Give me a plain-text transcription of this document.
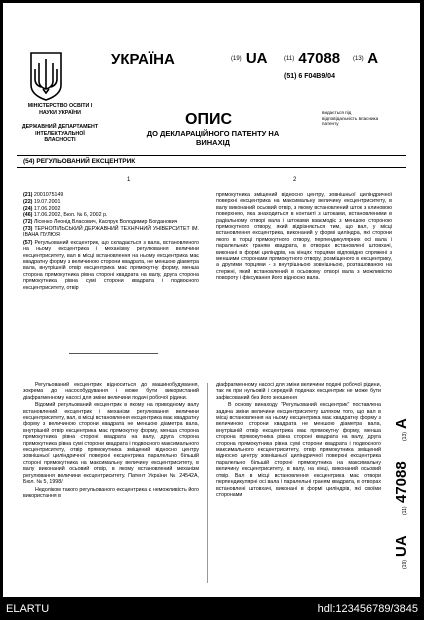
УКРАЇНА	(19) UA	(11) 47088 (13) A
(51) 6 F04B9/04
МІНІСТЕРСТВО ОСВІТИ І НАУКИ УКРАЇНИ
ДЕРЖАВНИЙ ДЕПАРТАМЕНТ ІНТЕЛЕКТУАЛЬНОЇ ВЛАСНОСТІ
ОПИС
ДО ДЕКЛАРАЦІЙНОГО ПАТЕНТУ НА ВИНАХІД
видається під відповідальність власника патенту
(54) РЕГУЛЬОВАНИЙ ЕКСЦЕНТРИК
1	2
(21) 2001075149
(22) 19.07.2001
(24) 17.06.2002
(46) 17.06.2002, Бюл. № 6, 2002 р.
(72) Лісенко Леонід Власович, Каспрук Володимир Богданович
(73) ТЕРНОПІЛЬСЬКИЙ ДЕРЖАВНИЙ ТЕХНІЧНИЙ УНІВЕРСИТЕТ ІМ. ІВАНА ПУЛЮЯ
(57) Регульований ексцентрик, що складається з вала, встановленого на ньому ексцентрика і механізму регулювання величини ексцентриситету, вал в місці встановлення на ньому ексцентрика має квадратну форму з величиною сторони квадрата, не меншою діаметра вала, внутрішній отвір ексцентрика має прямокутну форму, менша сторона прямокутника рівна стороні квадрата на валу, друга сторона прямокутника рівна сумі сторони квадрата і подвоєного ексцентриситету, отвір

прямокутника зміщений відносно центру, зовнішньої циліндричної поверхні ексцентрика на максимальну величину ексцентриситету, в валу виконаний осьовий отвір, з якому встановлений шток з клиновою поверхнею, яка знаходиться в контакті з штоками, встановленими в радіальному отворі вала і штоками взаємодіє з меншою стороною прямокутного отвору, який відрізняється тим, що вал, у місці встановлення ексцентрика, виконаний у формі циліндра, які сторони якого в торці прямокутного отвору, перпендикулярних осі вала і паралельних граням квадрата, в отворах встановлені штовхачі, виконані в формі циліндрів, на кінцях торцями відповідно спряжені з меншими сторонами прямокутного отвору, розміщеного в ексцентрику, а другими торцями - з внутрішньою зовнішньою, розташованою на стержні, який встановлений в осьовому отворі вала з можливістю повороту і фіксування його відносно вала.

Регульований ексцентрик відноситься до машинобудування, зокрема до насособудування і може бути використаний діафрагменному насосі для зміни величини подачі робочої рідини.

Відомий регульований ексцентрик в якому на приводному валу встановлений ексцентрик і механізм регулювання величини ексцентриситету, вал, в місці встановлення ексцентрика має квадратну форму з величиною сторони квадрата не меншою діаметра вала, внутрішній отвір ексцентрика має прямокутну форму, менша сторона прямокутника рівна стороні квадрата на валу, друга сторона прямокутника рівна сумі сторони квадрата і подвоєного максимального ексцентриситету, отвір прямокутника зміщений відносно центру зовнішньої циліндричної поверхні ексцентрика паралельно більшій стороні прямокутника на максимальну величину ексцентриситету, в валу виконаний осьовий отвір, в якому встановлений механізм регулювання величини ексцентриситету. Патент України № 24542А, Бюл. № 5, 1998/

Недоліком такого регульованого ексцентрика є неможливість його використання в

діафрагменному насосі для зміни величини подачі робочої рідини, так як при нульовій і середній подачах ексцентрик не може бути зафіксований без його зношення

В основу винаходу "Регульований ексцентрик" поставлена задача зміни величини ексцентриситету шляхом того, що вал в місці встановлення на ньому ексцентрика має квадратну форму з величиною сторони квадрата не меншою діаметра вала, внутрішній отвір ексцентрика має прямокутну форму, менша сторона прямокутника рівна стороні квадрата на валу, друга сторона прямокутника рівна сумі сторони квадрата і подвоєного максимального ексцентриситету, отвір прямокутника зміщений відносно центру зовнішньої циліндричної поверхні ексцентрика паралельно більшій стороні прямокутника на максимальну величину ексцентриситету, в валу, на кінці, виконаний осьовий отвір. Вал в місці встановлення ексцентрика має отвори перпендикулярні осі вала і паралельні граням квадрата, в отворах встановлені штовхачі, виконані в формі циліндрів, які своїми сторонами

(19)
UA
(11)
47088
(13)
A
ELARTU	hdl:123456789/3845
